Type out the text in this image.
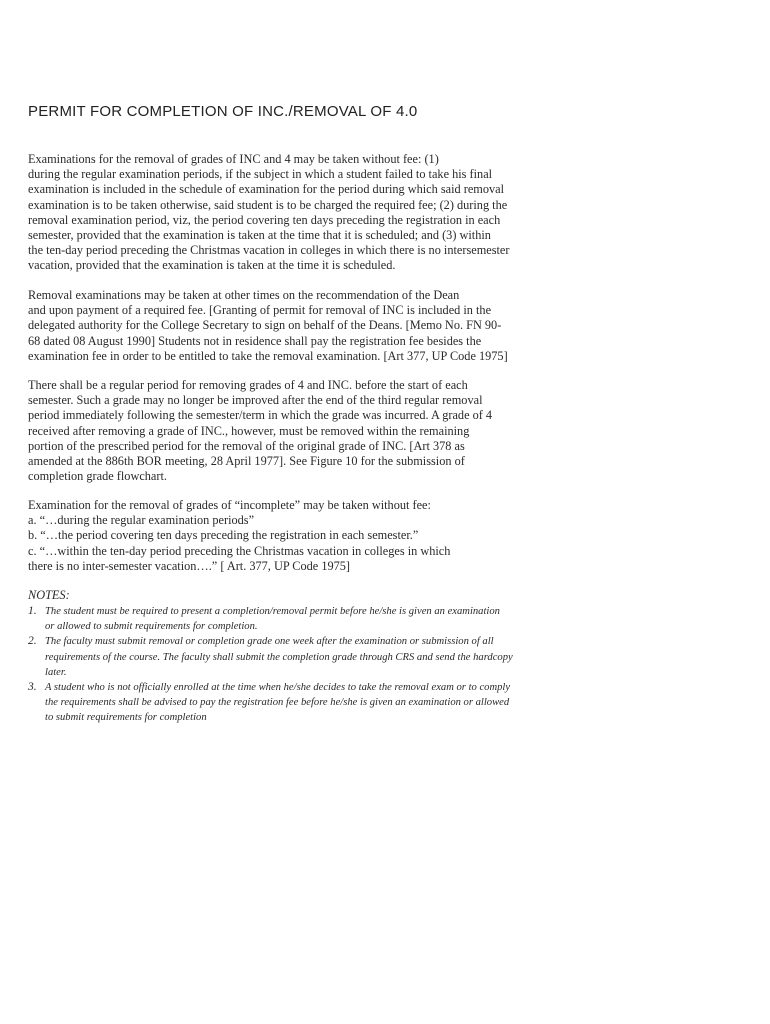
PERMIT FOR COMPLETION OF INC./REMOVAL OF 4.0
Examinations for the removal of grades of INC and 4 may be taken without fee: (1)
during the regular examination periods, if the subject in which a student failed to take his final
examination is included in the schedule of examination for the period during which said removal
examination is to be taken otherwise, said student is to be charged the required fee; (2) during the
removal examination period, viz, the period covering ten days preceding the registration in each
semester, provided that the examination is taken at the time that it is scheduled; and (3) within
the ten-day period preceding the Christmas vacation in colleges in which there is no intersemester
vacation, provided that the examination is taken at the time it is scheduled.
Removal examinations may be taken at other times on the recommendation of the Dean
and upon payment of a required fee. [Granting of permit for removal of INC is included in the
delegated authority for the College Secretary to sign on behalf of the Deans. [Memo No. FN 90-
68 dated 08 August 1990] Students not in residence shall pay the registration fee besides the
examination fee in order to be entitled to take the removal examination. [Art 377, UP Code 1975]
There shall be a regular period for removing grades of 4 and INC. before the start of each
semester. Such a grade may no longer be improved after the end of the third regular removal
period immediately following the semester/term in which the grade was incurred. A grade of 4
received after removing a grade of INC., however, must be removed within the remaining
portion of the prescribed period for the removal of the original grade of INC. [Art 378 as
amended at the 886th BOR meeting, 28 April 1977]. See Figure 10 for the submission of
completion grade flowchart.
Examination for the removal of grades of “incomplete” may be taken without fee:
a. “…during the regular examination periods”
b. “…the period covering ten days preceding the registration in each semester.”
c. “…within the ten-day period preceding the Christmas vacation in colleges in which
there is no inter-semester vacation….” [ Art. 377, UP Code 1975]

NOTES:

1. The student must be required to present a completion/removal permit before he/she is given an examination
or allowed to submit requirements for completion.
2. The faculty must submit removal or completion grade one week after the examination or submission of all
requirements of the course. The faculty shall submit the completion grade through CRS and send the hardcopy
later.
3. A student who is not officially enrolled at the time when he/she decides to take the removal exam or to comply
the requirements shall be advised to pay the registration fee before he/she is given an examination or allowed
to submit requirements for completion
